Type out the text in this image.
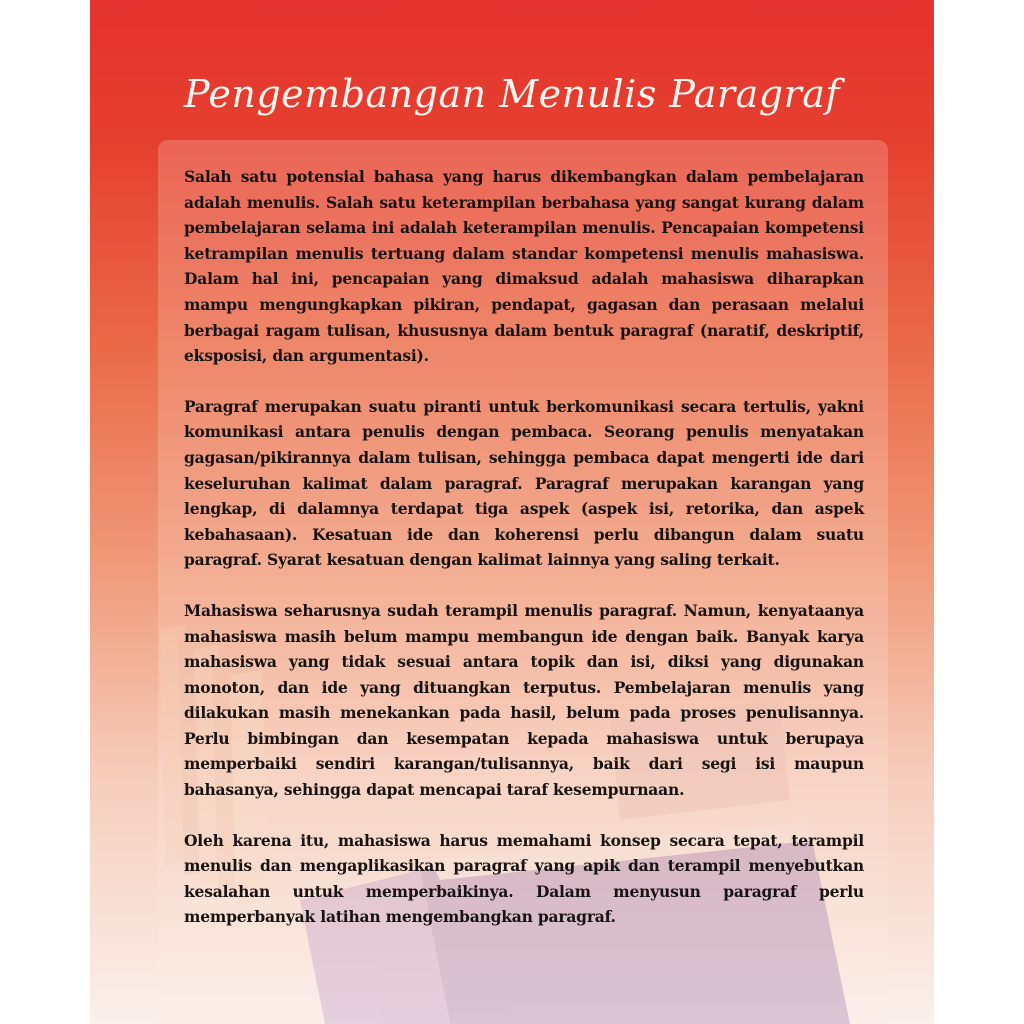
Pengembangan Menulis Paragraf

Salah satu potensial bahasa yang harus dikembangkan dalam pembelajaran adalah menulis. Salah satu keterampilan berbahasa yang sangat kurang dalam pembelajaran selama ini adalah keterampilan menulis. Pencapaian kompetensi ketrampilan menulis tertuang dalam standar kompetensi menulis mahasiswa. Dalam hal ini, pencapaian yang dimaksud adalah mahasiswa diharapkan mampu mengungkapkan pikiran, pendapat, gagasan dan perasaan melalui berbagai ragam tulisan, khususnya dalam bentuk paragraf (naratif, deskriptif, eksposisi, dan argumentasi).

Paragraf merupakan suatu piranti untuk berkomunikasi secara tertulis, yakni komunikasi antara penulis dengan pembaca. Seorang penulis menyatakan gagasan/pikirannya dalam tulisan, sehingga pembaca dapat mengerti ide dari keseluruhan kalimat dalam paragraf. Paragraf merupakan karangan yang lengkap, di dalamnya terdapat tiga aspek (aspek isi, retorika, dan aspek kebahasaan). Kesatuan ide dan koherensi perlu dibangun dalam suatu paragraf. Syarat kesatuan dengan kalimat lainnya yang saling terkait.

Mahasiswa seharusnya sudah terampil menulis paragraf. Namun, kenyataanya mahasiswa masih belum mampu membangun ide dengan baik. Banyak karya mahasiswa yang tidak sesuai antara topik dan isi, diksi yang digunakan monoton, dan ide yang dituangkan terputus. Pembelajaran menulis yang dilakukan masih menekankan pada hasil, belum pada proses penulisannya. Perlu bimbingan dan kesempatan kepada mahasiswa untuk berupaya memperbaiki sendiri karangan/tulisannya, baik dari segi isi maupun bahasanya, sehingga dapat mencapai taraf kesempurnaan.

Oleh karena itu, mahasiswa harus memahami konsep secara tepat, terampil menulis dan mengaplikasikan paragraf yang apik dan terampil menyebutkan kesalahan untuk memperbaikinya. Dalam menyusun paragraf perlu memperbanyak latihan mengembangkan paragraf.
